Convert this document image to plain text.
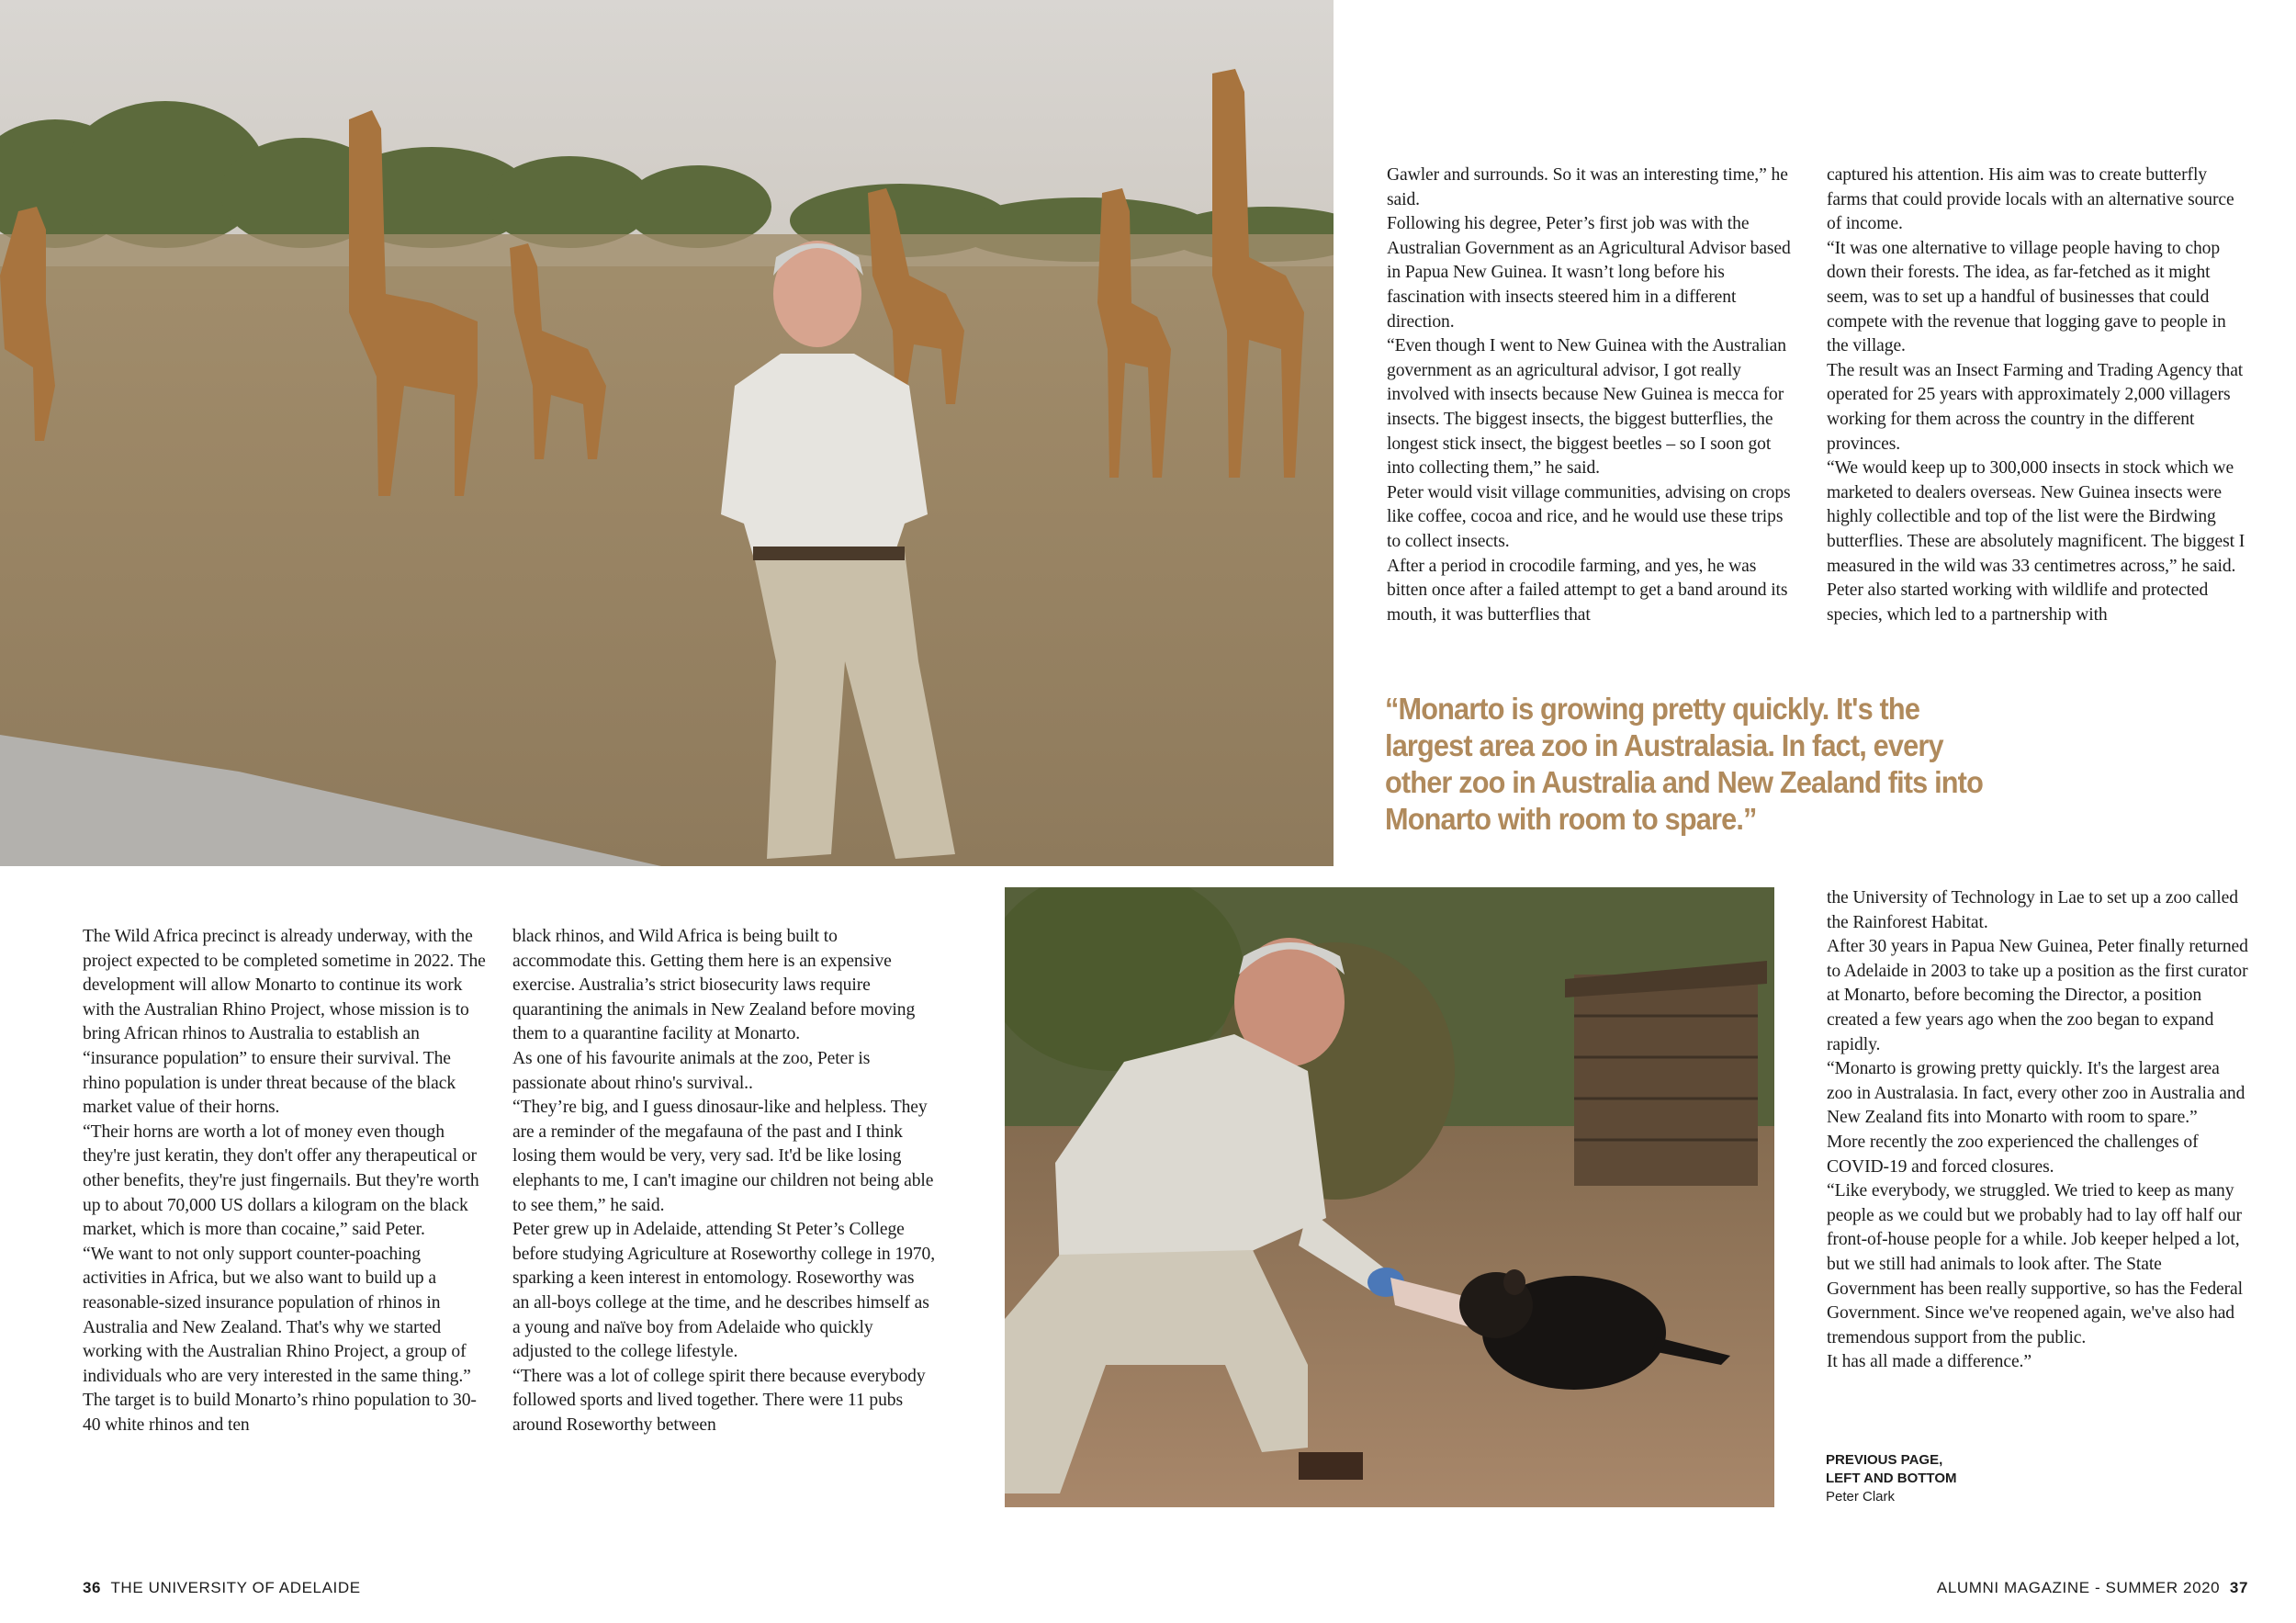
Gawler and surrounds. So it was an interesting time,” he said.

Following his degree, Peter’s first job was with the Australian Government as an Agricultural Advisor based in Papua New Guinea. It wasn’t long before his fascination with insects steered him in a different direction.

“Even though I went to New Guinea with the Australian government as an agricultural advisor, I got really involved with insects because New Guinea is mecca for insects. The biggest insects, the biggest butterflies, the longest stick insect, the biggest beetles – so I soon got into collecting them,” he said.

Peter would visit village communities, advising on crops like coffee, cocoa and rice, and he would use these trips to collect insects.

After a period in crocodile farming, and yes, he was bitten once after a failed attempt to get a band around its mouth, it was butterflies that

captured his attention. His aim was to create butterfly farms that could provide locals with an alternative source of income.

“It was one alternative to village people having to chop down their forests. The idea, as far-fetched as it might seem, was to set up a handful of businesses that could compete with the revenue that logging gave to people in the village.

The result was an Insect Farming and Trading Agency that operated for 25 years with approximately 2,000 villagers working for them across the country in the different provinces.

“We would keep up to 300,000 insects in stock which we marketed to dealers overseas. New Guinea insects were highly collectible and top of the list were the Birdwing butterflies. These are absolutely magnificent. The biggest I measured in the wild was 33 centimetres across,” he said.

Peter also started working with wildlife and protected species, which led to a partnership with

“Monarto is growing pretty quickly. It's the largest area zoo in Australasia. In fact, every other zoo in Australia and New Zealand fits into Monarto with room to spare.”

The Wild Africa precinct is already underway, with the project expected to be completed sometime in 2022. The development will allow Monarto to continue its work with the Australian Rhino Project, whose mission is to bring African rhinos to Australia to establish an “insurance population” to ensure their survival. The rhino population is under threat because of the black market value of their horns.

“Their horns are worth a lot of money even though they're just keratin, they don't offer any therapeutical or other benefits, they're just fingernails. But they're worth up to about 70,000 US dollars a kilogram on the black market, which is more than cocaine,” said Peter.

“We want to not only support counter-poaching activities in Africa, but we also want to build up a reasonable-sized insurance population of rhinos in Australia and New Zealand. That's why we started working with the Australian Rhino Project, a group of individuals who are very interested in the same thing.”

The target is to build Monarto’s rhino population to 30-40 white rhinos and ten

black rhinos, and Wild Africa is being built to accommodate this. Getting them here is an expensive exercise. Australia’s strict biosecurity laws require quarantining the animals in New Zealand before moving them to a quarantine facility at Monarto.

As one of his favourite animals at the zoo, Peter is passionate about rhino's survival..

“They’re big, and I guess dinosaur-like and helpless. They are a reminder of the megafauna of the past and I think losing them would be very, very sad. It'd be like losing elephants to me, I can't imagine our children not being able to see them,” he said.

Peter grew up in Adelaide, attending St Peter’s College before studying Agriculture at Roseworthy college in 1970, sparking a keen interest in entomology. Roseworthy was an all-boys college at the time, and he describes himself as a young and naïve boy from Adelaide who quickly adjusted to the college lifestyle.

“There was a lot of college spirit there because everybody followed sports and lived together. There were 11 pubs around Roseworthy between

the University of Technology in Lae to set up a zoo called the Rainforest Habitat.

After 30 years in Papua New Guinea, Peter finally returned to Adelaide in 2003 to take up a position as the first curator at Monarto, before becoming the Director, a position created a few years ago when the zoo began to expand rapidly.

“Monarto is growing pretty quickly. It's the largest area zoo in Australasia. In fact, every other zoo in Australia and New Zealand fits into Monarto with room to spare.”

More recently the zoo experienced the challenges of COVID-19 and forced closures.

“Like everybody, we struggled. We tried to keep as many people as we could but we probably had to lay off half our front-of-house people for a while. Job keeper helped a lot, but we still had animals to look after. The State Government has been really supportive, so has the Federal Government. Since we've reopened again, we've also had tremendous support from the public.

It has all made a difference.”

PREVIOUS PAGE,
LEFT AND BOTTOM
Peter Clark
36 THE UNIVERSITY OF ADELAIDE	ALUMNI MAGAZINE - SUMMER 2020 37
